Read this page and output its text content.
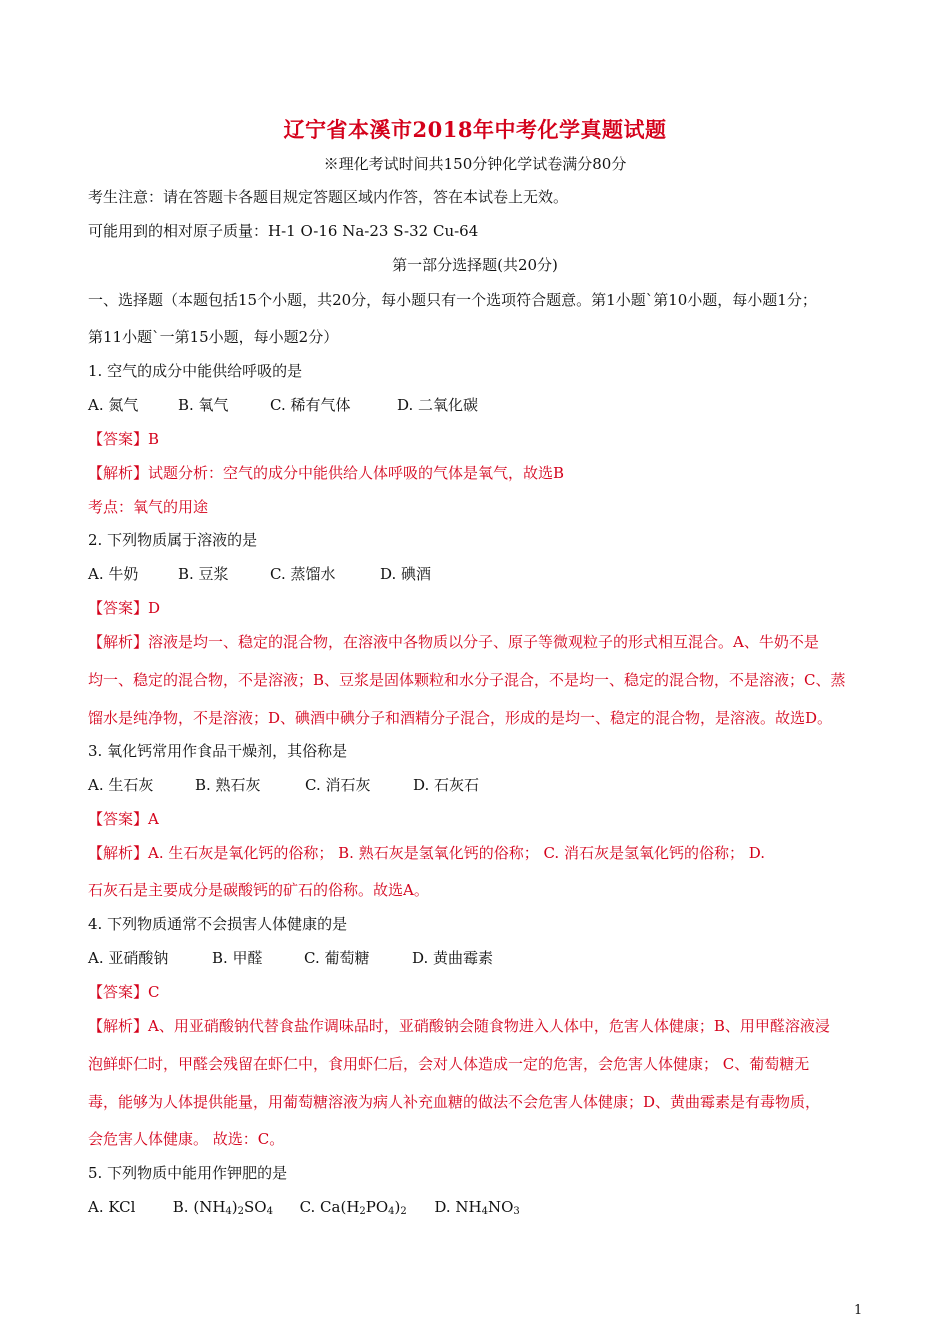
辽宁省本溪市2018年中考化学真题试题
※理化考试时间共150分钟化学试卷满分80分
考生注意：请在答题卡各题目规定答题区域内作答，答在本试卷上无效。
可能用到的相对原子质量：H-1 O-16 Na-23 S-32 Cu-64
第一部分选择题(共20分)
一、选择题（本题包括15个小题，共20分，每小题只有一个选项符合题意。第1小题`第10小题，每小题1分；
第11小题`一第15小题，每小题2分）
1. 空气的成分中能供给呼吸的是
A. 氮气	B. 氧气	C. 稀有气体	D. 二氧化碳
【答案】B
【解析】试题分析：空气的成分中能供给人体呼吸的气体是氧气，故选B
考点：氧气的用途
2. 下列物质属于溶液的是
A. 牛奶	B. 豆浆	C. 蒸馏水	D. 碘酒
【答案】D
【解析】溶液是均一、稳定的混合物，在溶液中各物质以分子、原子等微观粒子的形式相互混合。A、牛奶不是
均一、稳定的混合物，不是溶液；B、豆浆是固体颗粒和水分子混合，不是均一、稳定的混合物，不是溶液；C、蒸
馏水是纯净物，不是溶液；D、碘酒中碘分子和酒精分子混合，形成的是均一、稳定的混合物，是溶液。故选D。
3. 氧化钙常用作食品干燥剂，其俗称是
A. 生石灰	B. 熟石灰	C. 消石灰	D. 石灰石
【答案】A
【解析】A. 生石灰是氧化钙的俗称； B. 熟石灰是氢氧化钙的俗称； C. 消石灰是氢氧化钙的俗称； D.
石灰石是主要成分是碳酸钙的矿石的俗称。故选A。
4. 下列物质通常不会损害人体健康的是
A. 亚硝酸钠	B. 甲醛	C. 葡萄糖	D. 黄曲霉素
【答案】C
【解析】A、用亚硝酸钠代替食盐作调味品时，亚硝酸钠会随食物进入人体中，危害人体健康；B、用甲醛溶液浸
泡鲜虾仁时，甲醛会残留在虾仁中，食用虾仁后，会对人体造成一定的危害，会危害人体健康； C、葡萄糖无
毒，能够为人体提供能量，用葡萄糖溶液为病人补充血糖的做法不会危害人体健康；D、黄曲霉素是有毒物质，
会危害人体健康。 故选：C。
5. 下列物质中能用作钾肥的是
A. KCl B. $(NH_4)_2SO_4$ C. $Ca(H_2PO_4)_2$ D. $NH_4NO_3$
1
